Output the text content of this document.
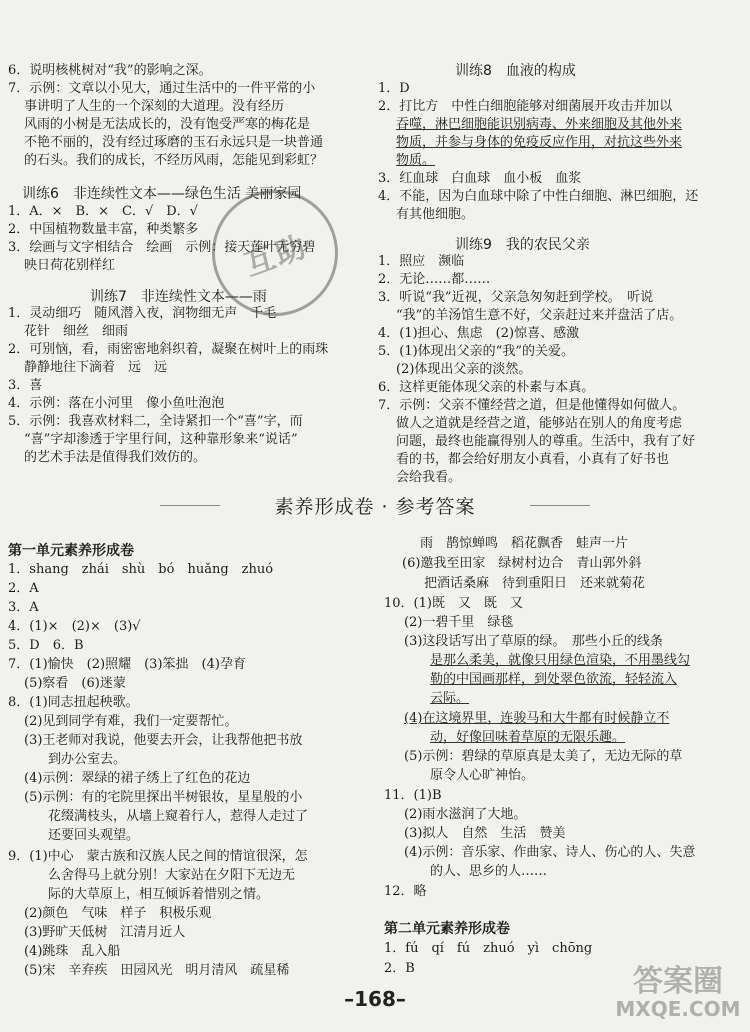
6．说明核桃树对“我”的影响之深。
7．示例：文章以小见大，通过生活中的一件平常的小
事讲明了人生的一个深刻的大道理。没有经历
风雨的小树是无法成长的，没有饱受严寒的梅花是
不艳不丽的，没有经过琢磨的玉石永远只是一块普通
的石头。我们的成长，不经历风雨，怎能见到彩虹？
训练6　非连续性文本——绿色生活 美丽家园
1．A．×　B．×　C．√　D．√
2．中国植物数量丰富，种类繁多
3．绘画与文字相结合　绘画　示例：接天莲叶无穷碧
映日荷花别样红
训练7　非连续性文本——雨
1．灵动细巧　随风潜入夜，润物细无声　千毛
花针　细丝　细雨
2．可别恼，看，雨密密地斜织着，凝聚在树叶上的雨珠
静静地往下滴着　远　远
3．喜
4．示例：落在小河里　像小鱼吐泡泡
5．示例：我喜欢材料二，全诗紧扣一个“喜”字，而
“喜”字却渗透于字里行间，这种靠形象来“说话”
的艺术手法是值得我们效仿的。
互助
训练8　血液的构成
1．D
2．打比方　中性白细胞能够对细菌展开攻击并加以
吞噬，淋巴细胞能识别病毒、外来细胞及其他外来
物质，并参与身体的免疫反应作用，对抗这些外来
物质。
3．红血球　白血球　血小板　血浆
4．不能，因为白血球中除了中性白细胞、淋巴细胞，还
有其他细胞。
训练9　我的农民父亲
1．照应　濒临
2．无论……都……
3．听说“我”近视，父亲急匆匆赶到学校。　听说
“我”的羊汤馆生意不好，父亲赶过来并盘活了店。
4．(1)担心、焦虑　(2)惊喜、感激
5．(1)体现出父亲的“我”的关爱。
(2)体现出父亲的淡然。
6．这样更能体现父亲的朴素与本真。
7．示例：父亲不懂经营之道，但是他懂得如何做人。
做人之道就是经营之道，能够站在别人的角度考虑
问题，最终也能赢得别人的尊重。生活中，我有了好
看的书，都会给好朋友小真看，小真有了好书也
会给我看。
素养形成卷 · 参考答案
第一单元素养形成卷
1．shang　zhái　shù　bó　huǎng　zhuó
2．A
3．A
4．(1)×　(2)×　(3)√
5．D　6．B
7．(1)愉快　(2)照耀　(3)笨拙　(4)孕育
(5)察看　(6)迷蒙
8．(1)同志扭起秧歌。
(2)见到同学有难，我们一定要帮忙。
(3)王老师对我说，他要去开会，让我帮他把书放
到办公室去。
(4)示例：翠绿的裙子绣上了红色的花边
(5)示例：有的宅院里探出半树银妆，星星般的小
花缀满枝头，从墙上窥着行人，惹得人走过了
还要回头观望。
9．(1)中心　蒙古族和汉族人民之间的情谊很深，怎
么舍得马上就分别！大家站在夕阳下无边无
际的大草原上，相互倾诉着惜别之情。
(2)颜色　气味　样子　积极乐观
(3)野旷天低树　江清月近人
(4)跳珠　乱入船
(5)宋　辛弃疾　田园风光　明月清风　疏星稀
雨　鹊惊蝉鸣　稻花飘香　蛙声一片
(6)邀我至田家　绿树村边合　青山郭外斜
把酒话桑麻　待到重阳日　还来就菊花
10．(1)既　又　既　又
(2)一碧千里　绿毯
(3)这段话写出了草原的绿。　那些小丘的线条
是那么柔美，就像只用绿色渲染，不用墨线勾
勒的中国画那样，到处翠色欲流，轻轻流入
云际。
(4)在这境界里，连骏马和大牛都有时候静立不
动，好像回味着草原的无限乐趣。
(5)示例：碧绿的草原真是太美了，无边无际的草
原令人心旷神怡。
11．(1)B
(2)雨水滋润了大地。
(3)拟人　自然　生活　赞美
(4)示例：音乐家、作曲家、诗人、伤心的人、失意
的人、思乡的人……
12．略
第二单元素养形成卷
1．fú　qí　fú　zhuó　yì　chōng
2．B
–168–	答案圈
MXQE.COM
